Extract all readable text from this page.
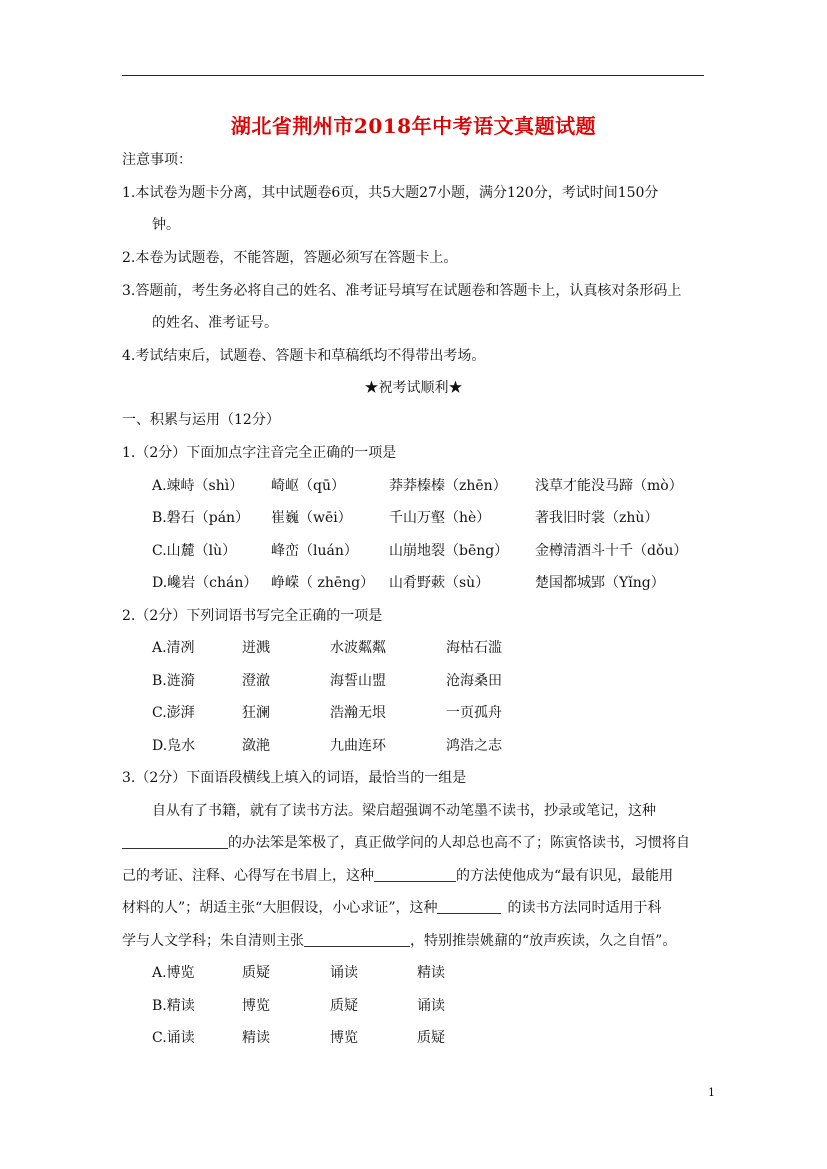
湖北省荆州市2018年中考语文真题试题
注意事项：
1.本试卷为题卡分离，其中试题卷6页，共5大题27小题，满分120分，考试时间150分
钟。
2.本卷为试题卷，不能答题，答题必须写在答题卡上。
3.答题前，考生务必将自己的姓名、准考证号填写在试题卷和答题卡上，认真核对条形码上
的姓名、准考证号。
4.考试结束后，试题卷、答题卡和草稿纸均不得带出考场。
★祝考试顺利★
一、积累与运用（12分）
1.（2分）下面加点字注音完全正确的一项是
A.竦峙（shì） 崎岖（qū）	莽莽榛榛（zhēn） 浅草才能没马蹄（mò）
B.磐石（pán） 崔巍（wēi）	千山万壑（hè）	著我旧时裳（zhù）
C.山麓（lù） 峰峦（luán） 山崩地裂（bēng） 金樽清酒斗十千（dǒu）
D.巉岩（chán） 峥嵘（ zhēng） 山肴野蔌（sù）	楚国都城郢（Yǐng）
2.（2分）下列词语书写完全正确的一项是
A.清冽	迸溅	水波粼粼	海枯石滥
B.涟漪	澄澈	海誓山盟	沧海桑田
C.澎湃	狂澜	浩瀚无垠	一页孤舟
D.凫水	潋滟	九曲连环	鸿浩之志
3.（2分）下面语段横线上填入的词语，最恰当的一组是
自从有了书籍，就有了读书方法。梁启超强调不动笔墨不读书，抄录或笔记，这种
的办法笨是笨极了，真正做学问的人却总也高不了；陈寅恪读书，习惯将自
己的考证、注释、心得写在书眉上，这种	的方法使他成为“最有识见，最能用
材料的人”；胡适主张“大胆假设，小心求证”，这种	的读书方法同时适用于科
学与人文学科；朱自清则主张	，特别推崇姚鼐的“放声疾读，久之自悟”。
A.博览	质疑	诵读	精读
B.精读	博览	质疑	诵读
C.诵读	精读	博览	质疑
1
